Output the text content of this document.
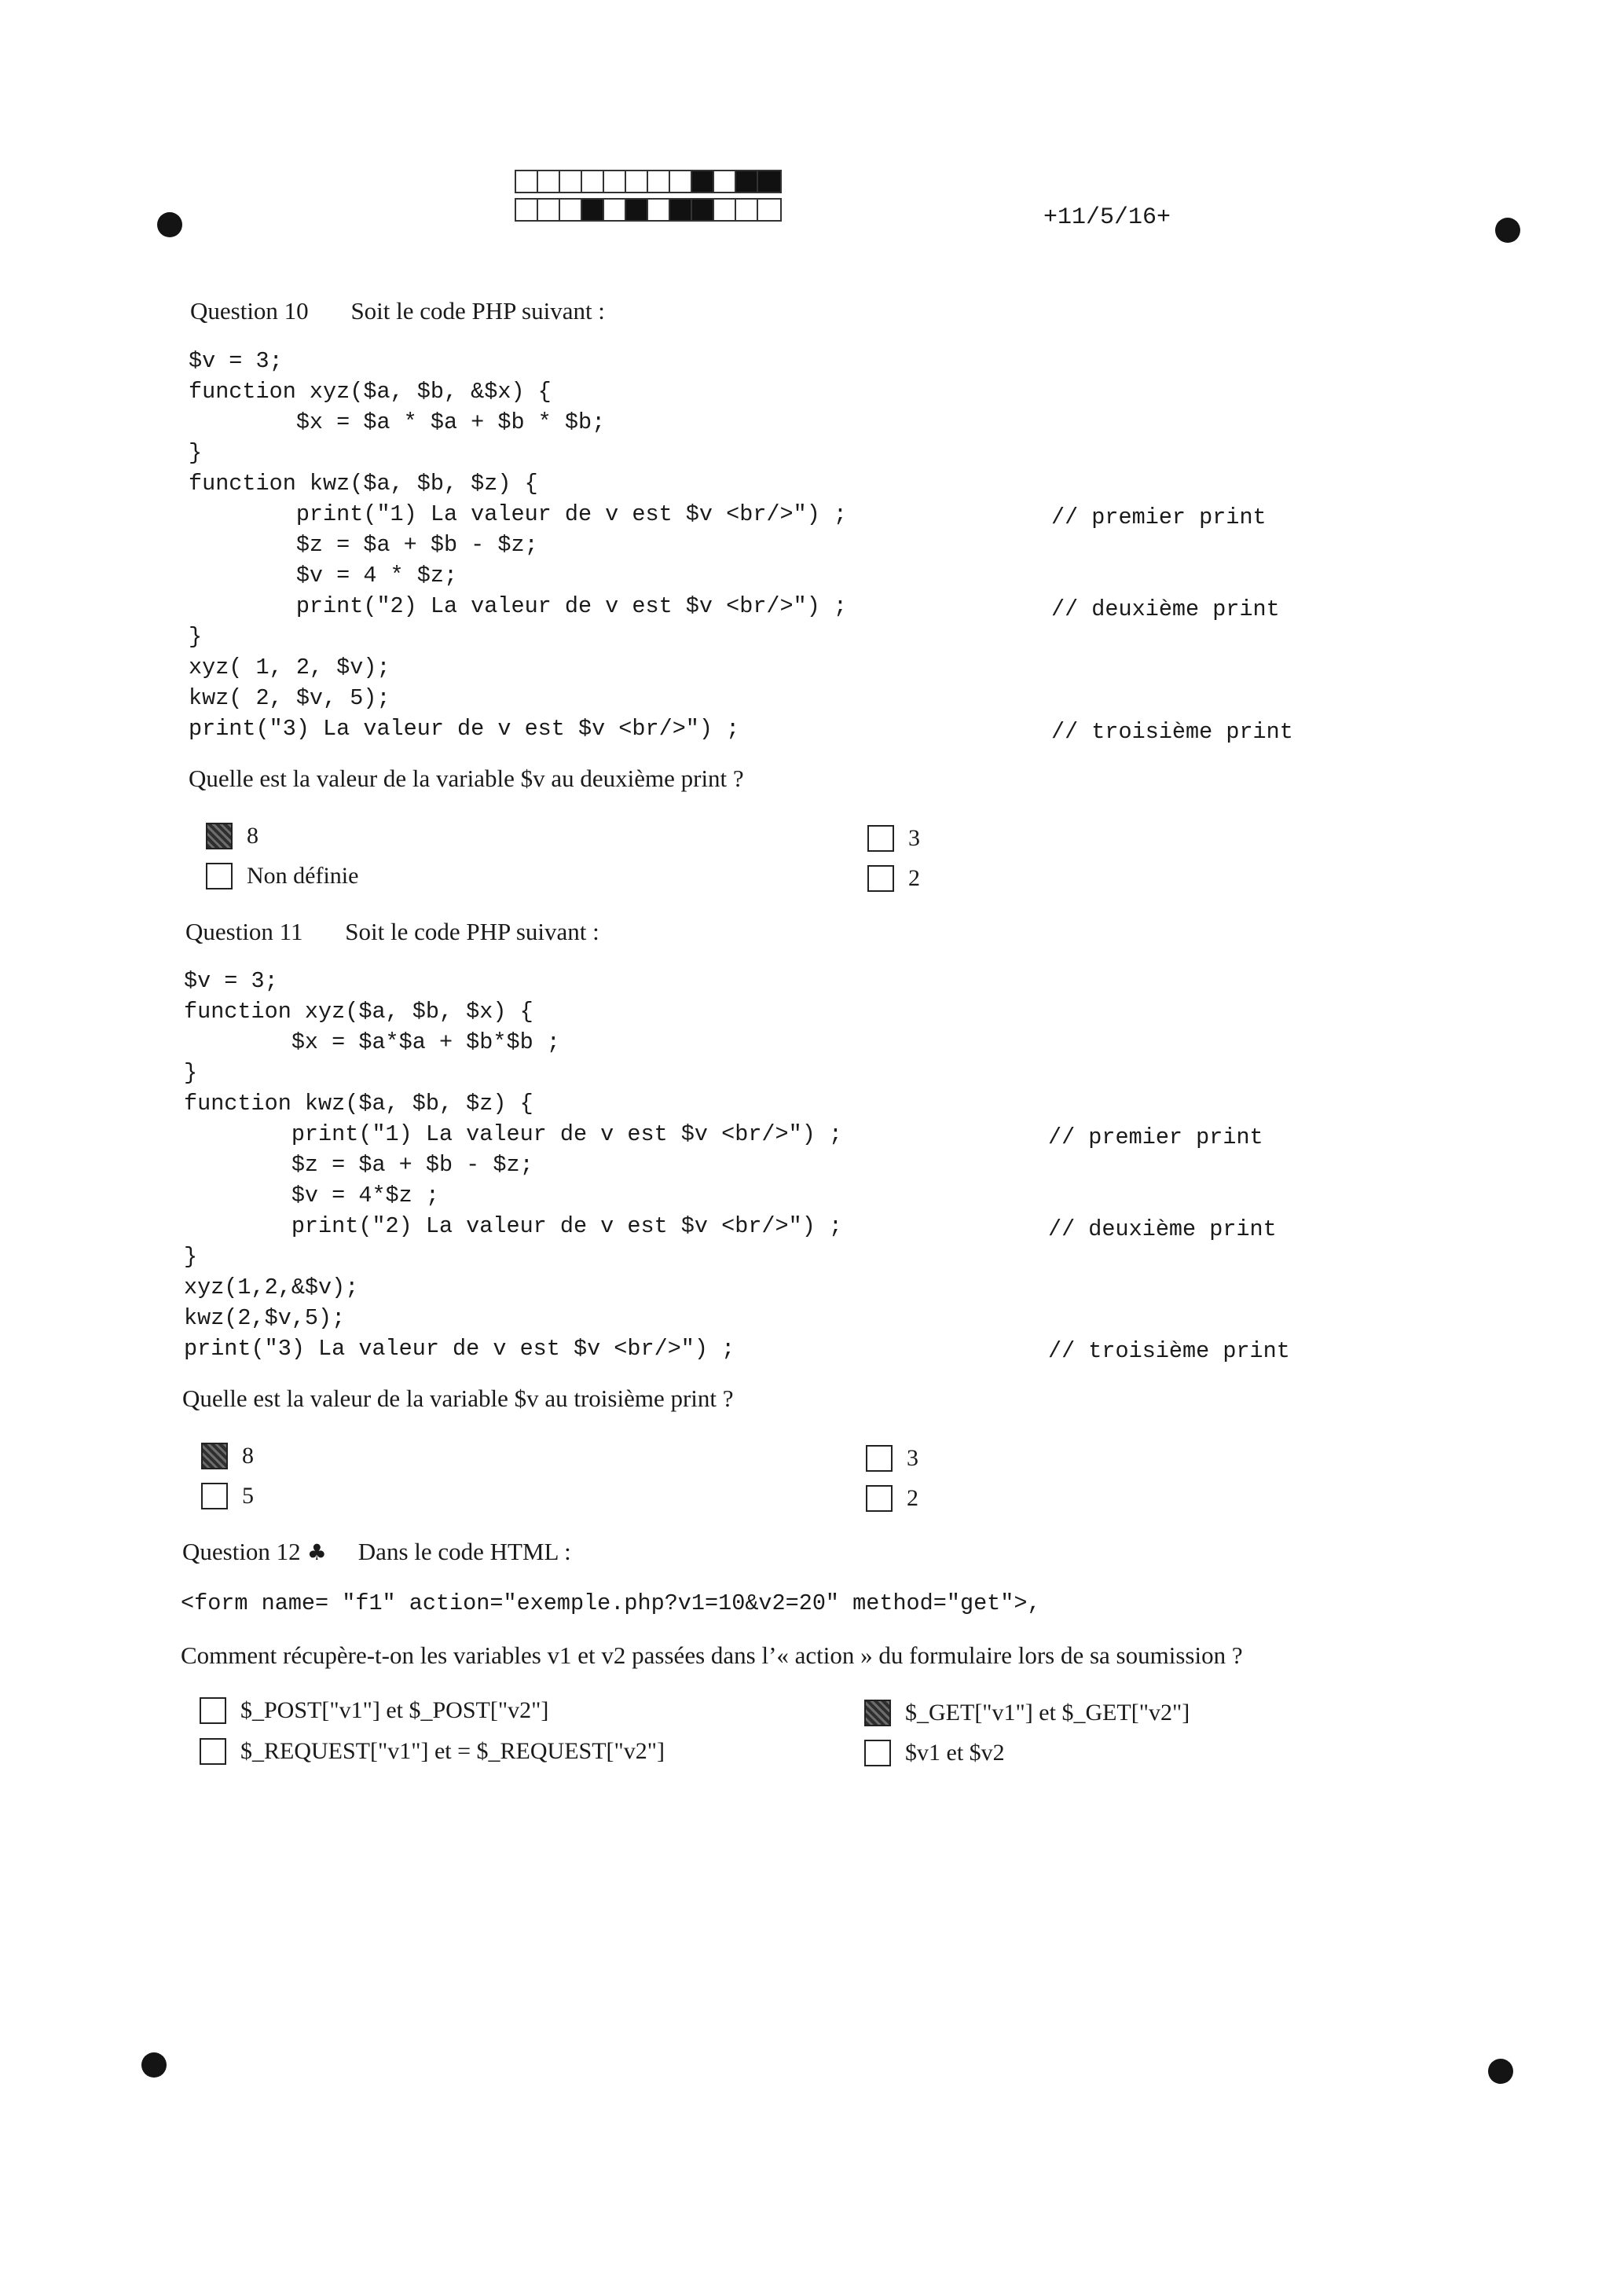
+11/5/16+
Question 10 Soit le code PHP suivant :
$v = 3;
function xyz($a, $b, &$x) {
$x = $a * $a + $b * $b;
}
function kwz($a, $b, $z) {
print("1) La valeur de v est $v <br/>") ;
$z = $a + $b - $z;
$v = 4 * $z;
print("2) La valeur de v est $v <br/>") ;
}
xyz( 1, 2, $v);
kwz( 2, $v, 5);
print("3) La valeur de v est $v <br/>") ;
// premier print
// deuxième print
// troisième print
Quelle est la valeur de la variable $v au deuxième print ?
8
Non définie
3
2
Question 11 Soit le code PHP suivant :
$v = 3;
function xyz($a, $b, $x) {
$x = $a*$a + $b*$b ;
}
function kwz($a, $b, $z) {
print("1) La valeur de v est $v <br/>") ;
$z = $a + $b - $z;
$v = 4*$z ;
print("2) La valeur de v est $v <br/>") ;
}
xyz(1,2,&$v);
kwz(2,$v,5);
print("3) La valeur de v est $v <br/>") ;
// premier print
// deuxième print
// troisième print
Quelle est la valeur de la variable $v au troisième print ?
8
5
3
2
Question 12 ♣ Dans le code HTML :
<form name= "f1" action="exemple.php?v1=10&v2=20" method="get">,
Comment récupère-t-on les variables v1 et v2 passées dans l’« action » du formulaire lors de sa soumission ?
$_POST["v1"] et $_POST["v2"]
$_REQUEST["v1"] et = $_REQUEST["v2"]
$_GET["v1"] et $_GET["v2"]
$v1 et $v2
